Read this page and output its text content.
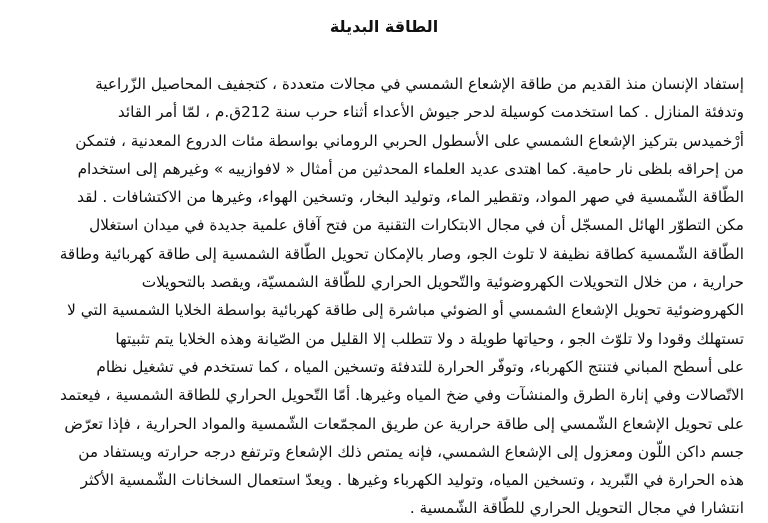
الطاقة البديلة

إستفاد الإنسان منذ القديم من طاقة الإشعاع الشمسي في مجالات متعددة ، كتجفيف المحاصيل الزّراعية
وتدفئة المنازل . كما استخدمت كوسيلة لدحر جيوش الأعداء أثناء حرب سنة 212ق.م ، لمّا أمر القائد
أرْخميدس بتركيز الإشعاع الشمسي على الأسطول الحربي الروماني بواسطة مئات الدروع المعدنية ، فتمكن
من إحراقه بلظى نار حامية. كما اهتدى عديد العلماء المحدثين من أمثال « لافوازييه » وغيرهم إلى استخدام
الطّاقة الشّمسية في صهر المواد، وتقطير الماء، وتوليد البخار، وتسخين الهواء، وغيرها من الاكتشافات . لقد
مكن التطوّر الهائل المسجّل أن في مجال الابتكارات التقنية من فتح آفاق علمية جديدة في ميدان استغلال
الطّاقة الشّمسية كطاقة نظيفة لا تلوث الجو، وصار بالإمكان تحويل الطّاقة الشمسية إلى طاقة كهربائية وطاقة
حرارية ، من خلال التحويلات الكهروضوئية والتّحويل الحراري للطّاقة الشمسيّة، ويقصد بالتحويلات
الكهروضوئية تحويل الإشعاع الشمسي أو الضوئي مباشرة إلى طاقة كهربائية بواسطة الخلايا الشمسية التي لا
تستهلك وقودا ولا تلوّث الجو ، وحياتها طويلة د ولا تتطلب إلا القليل من الصّيانة وهذه الخلايا يتم تثبيتها
على أسطح المباني فتنتج الكهرباء، وتوفّر الحرارة للتدفئة وتسخين المياه ، كما تستخدم في تشغيل نظام
الاتّصالات وفي إنارة الطرق والمنشآت وفي ضخ المياه وغيرها. أمّا التّحويل الحراري للطاقة الشمسية ، فيعتمد
على تحويل الإشعاع الشّمسي إلى طاقة حرارية عن طريق المجمّعات الشّمسية والمواد الحرارية ، فإذا تعرّض
جسم داكن اللّون ومعزول إلى الإشعاع الشمسي، فإنه يمتص ذلك الإشعاع وترتفع درجه حرارته ويستفاد من
هذه الحرارة في التّبريد ، وتسخين المياه، وتوليد الكهرباء وغيرها . ويعدّ استعمال السخانات الشّمسية الأكثر
انتشارا في مجال التحويل الحراري للطّاقة الشّمسية .
